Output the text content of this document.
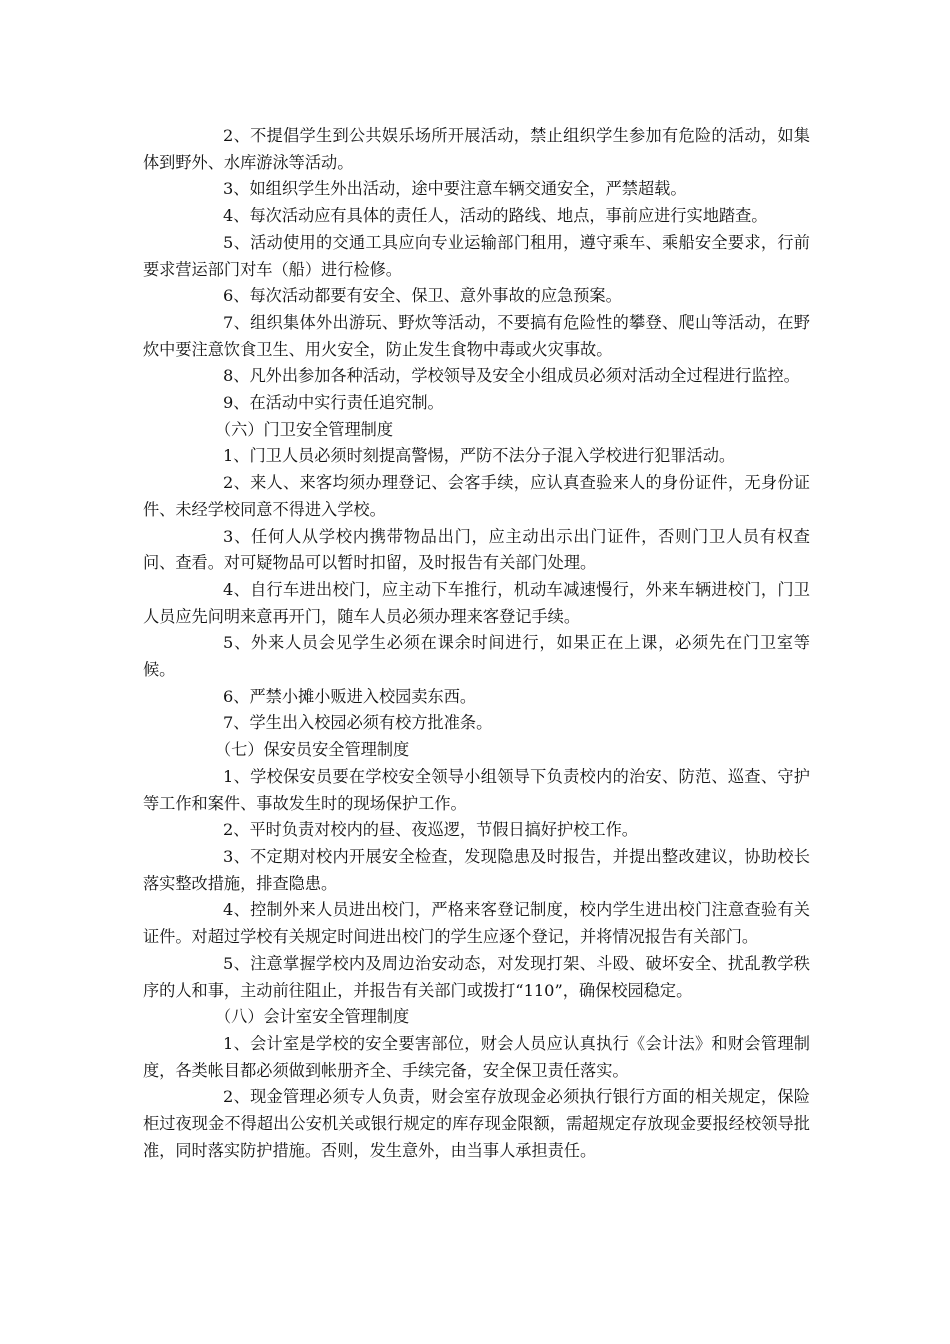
2、不提倡学生到公共娱乐场所开展活动，禁止组织学生参加有危险的活动，如集体到野外、水库游泳等活动。

3、如组织学生外出活动，途中要注意车辆交通安全，严禁超载。

4、每次活动应有具体的责任人，活动的路线、地点，事前应进行实地踏查。

5、活动使用的交通工具应向专业运输部门租用，遵守乘车、乘船安全要求，行前要求营运部门对车（船）进行检修。

6、每次活动都要有安全、保卫、意外事故的应急预案。

7、组织集体外出游玩、野炊等活动，不要搞有危险性的攀登、爬山等活动，在野炊中要注意饮食卫生、用火安全，防止发生食物中毒或火灾事故。

8、凡外出参加各种活动，学校领导及安全小组成员必须对活动全过程进行监控。

9、在活动中实行责任追究制。

（六）门卫安全管理制度

1、门卫人员必须时刻提高警惕，严防不法分子混入学校进行犯罪活动。

2、来人、来客均须办理登记、会客手续，应认真查验来人的身份证件，无身份证件、未经学校同意不得进入学校。

3、任何人从学校内携带物品出门，应主动出示出门证件，否则门卫人员有权查问、查看。对可疑物品可以暂时扣留，及时报告有关部门处理。

4、自行车进出校门，应主动下车推行，机动车减速慢行，外来车辆进校门，门卫人员应先问明来意再开门，随车人员必须办理来客登记手续。

5、外来人员会见学生必须在课余时间进行，如果正在上课，必须先在门卫室等候。

6、严禁小摊小贩进入校园卖东西。

7、学生出入校园必须有校方批准条。

（七）保安员安全管理制度

1、学校保安员要在学校安全领导小组领导下负责校内的治安、防范、巡查、守护等工作和案件、事故发生时的现场保护工作。

2、平时负责对校内的昼、夜巡逻，节假日搞好护校工作。

3、不定期对校内开展安全检查，发现隐患及时报告，并提出整改建议，协助校长落实整改措施，排查隐患。

4、控制外来人员进出校门，严格来客登记制度，校内学生进出校门注意查验有关证件。对超过学校有关规定时间进出校门的学生应逐个登记，并将情况报告有关部门。

5、注意掌握学校内及周边治安动态，对发现打架、斗殴、破坏安全、扰乱教学秩序的人和事，主动前往阻止，并报告有关部门或拨打“110”，确保校园稳定。

（八）会计室安全管理制度

1、会计室是学校的安全要害部位，财会人员应认真执行《会计法》和财会管理制度，各类帐目都必须做到帐册齐全、手续完备，安全保卫责任落实。

2、现金管理必须专人负责，财会室存放现金必须执行银行方面的相关规定，保险柜过夜现金不得超出公安机关或银行规定的库存现金限额，需超规定存放现金要报经校领导批准，同时落实防护措施。否则，发生意外，由当事人承担责任。
